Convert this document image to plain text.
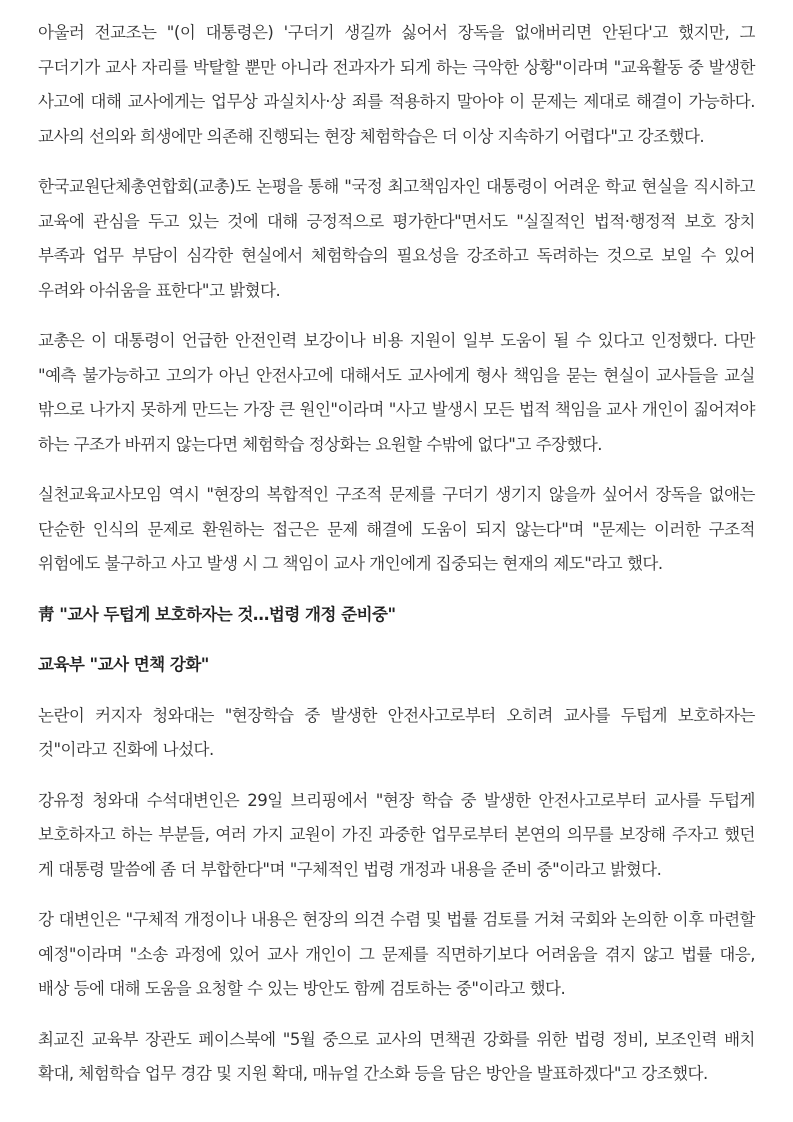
아울러 전교조는 "(이 대통령은) '구더기 생길까 싫어서 장독을 없애버리면 안된다'고 했지만, 그 구더기가 교사 자리를 박탈할 뿐만 아니라 전과자가 되게 하는 극악한 상황"이라며 "교육활동 중 발생한 사고에 대해 교사에게는 업무상 과실치사·상 죄를 적용하지 말아야 이 문제는 제대로 해결이 가능하다. 교사의 선의와 희생에만 의존해 진행되는 현장 체험학습은 더 이상 지속하기 어렵다"고 강조했다.

한국교원단체총연합회(교총)도 논평을 통해 "국정 최고책임자인 대통령이 어려운 학교 현실을 직시하고 교육에 관심을 두고 있는 것에 대해 긍정적으로 평가한다"면서도 "실질적인 법적·행정적 보호 장치 부족과 업무 부담이 심각한 현실에서 체험학습의 필요성을 강조하고 독려하는 것으로 보일 수 있어 우려와 아쉬움을 표한다"고 밝혔다.

교총은 이 대통령이 언급한 안전인력 보강이나 비용 지원이 일부 도움이 될 수 있다고 인정했다. 다만 "예측 불가능하고 고의가 아닌 안전사고에 대해서도 교사에게 형사 책임을 묻는 현실이 교사들을 교실 밖으로 나가지 못하게 만드는 가장 큰 원인"이라며 "사고 발생시 모든 법적 책임을 교사 개인이 짊어져야 하는 구조가 바뀌지 않는다면 체험학습 정상화는 요원할 수밖에 없다"고 주장했다.

실천교육교사모임 역시 "현장의 복합적인 구조적 문제를 구더기 생기지 않을까 싶어서 장독을 없애는 단순한 인식의 문제로 환원하는 접근은 문제 해결에 도움이 되지 않는다"며 "문제는 이러한 구조적 위험에도 불구하고 사고 발생 시 그 책임이 교사 개인에게 집중되는 현재의 제도"라고 했다.

靑 "교사 두텁게 보호하자는 것…법령 개정 준비중"

교육부 "교사 면책 강화"

논란이 커지자 청와대는 "현장학습 중 발생한 안전사고로부터 오히려 교사를 두텁게 보호하자는 것"이라고 진화에 나섰다.

강유정 청와대 수석대변인은 29일 브리핑에서 "현장 학습 중 발생한 안전사고로부터 교사를 두텁게 보호하자고 하는 부분들, 여러 가지 교원이 가진 과중한 업무로부터 본연의 의무를 보장해 주자고 했던 게 대통령 말씀에 좀 더 부합한다"며 "구체적인 법령 개정과 내용을 준비 중"이라고 밝혔다.

강 대변인은 "구체적 개정이나 내용은 현장의 의견 수렴 및 법률 검토를 거쳐 국회와 논의한 이후 마련할 예정"이라며 "소송 과정에 있어 교사 개인이 그 문제를 직면하기보다 어려움을 겪지 않고 법률 대응, 배상 등에 대해 도움을 요청할 수 있는 방안도 함께 검토하는 중"이라고 했다.

최교진 교육부 장관도 페이스북에 "5월 중으로 교사의 면책권 강화를 위한 법령 정비, 보조인력 배치 확대, 체험학습 업무 경감 및 지원 확대, 매뉴얼 간소화 등을 담은 방안을 발표하겠다"고 강조했다.
